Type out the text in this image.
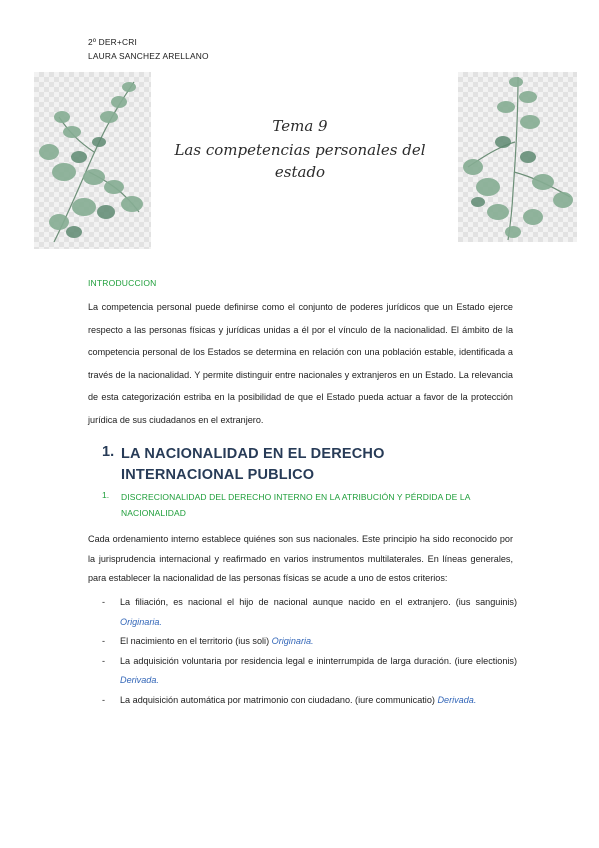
2º DER+CRI
LAURA SANCHEZ ARELLANO
Tema 9
Las competencias personales del
estado
INTRODUCCION
La competencia personal puede definirse como el conjunto de poderes jurídicos que un Estado ejerce respecto a las personas físicas y jurídicas unidas a él por el vínculo de la nacionalidad. El ámbito de la competencia personal de los Estados se determina en relación con una población estable, identificada a través de la nacionalidad. Y permite distinguir entre nacionales y extranjeros en un Estado. La relevancia de esta categorización estriba en la posibilidad de que el Estado pueda actuar a favor de la protección jurídica de sus ciudadanos en el extranjero.
1. LA NACIONALIDAD EN EL DERECHO INTERNACIONAL PUBLICO
1. DISCRECIONALIDAD DEL DERECHO INTERNO EN LA ATRIBUCIÓN Y PÉRDIDA DE LA NACIONALIDAD
Cada ordenamiento interno establece quiénes son sus nacionales. Este principio ha sido reconocido por la jurisprudencia internacional y reafirmado en varios instrumentos multilaterales. En líneas generales, para establecer la nacionalidad de las personas físicas se acude a uno de estos criterios:
- La filiación, es nacional el hijo de nacional aunque nacido en el extranjero. (ius sanguinis) Originaria.
- El nacimiento en el territorio (ius soli) Originaria.
- La adquisición voluntaria por residencia legal e ininterrumpida de larga duración. (iure electionis) Derivada.
- La adquisición automática por matrimonio con ciudadano. (iure communicatio) Derivada.
